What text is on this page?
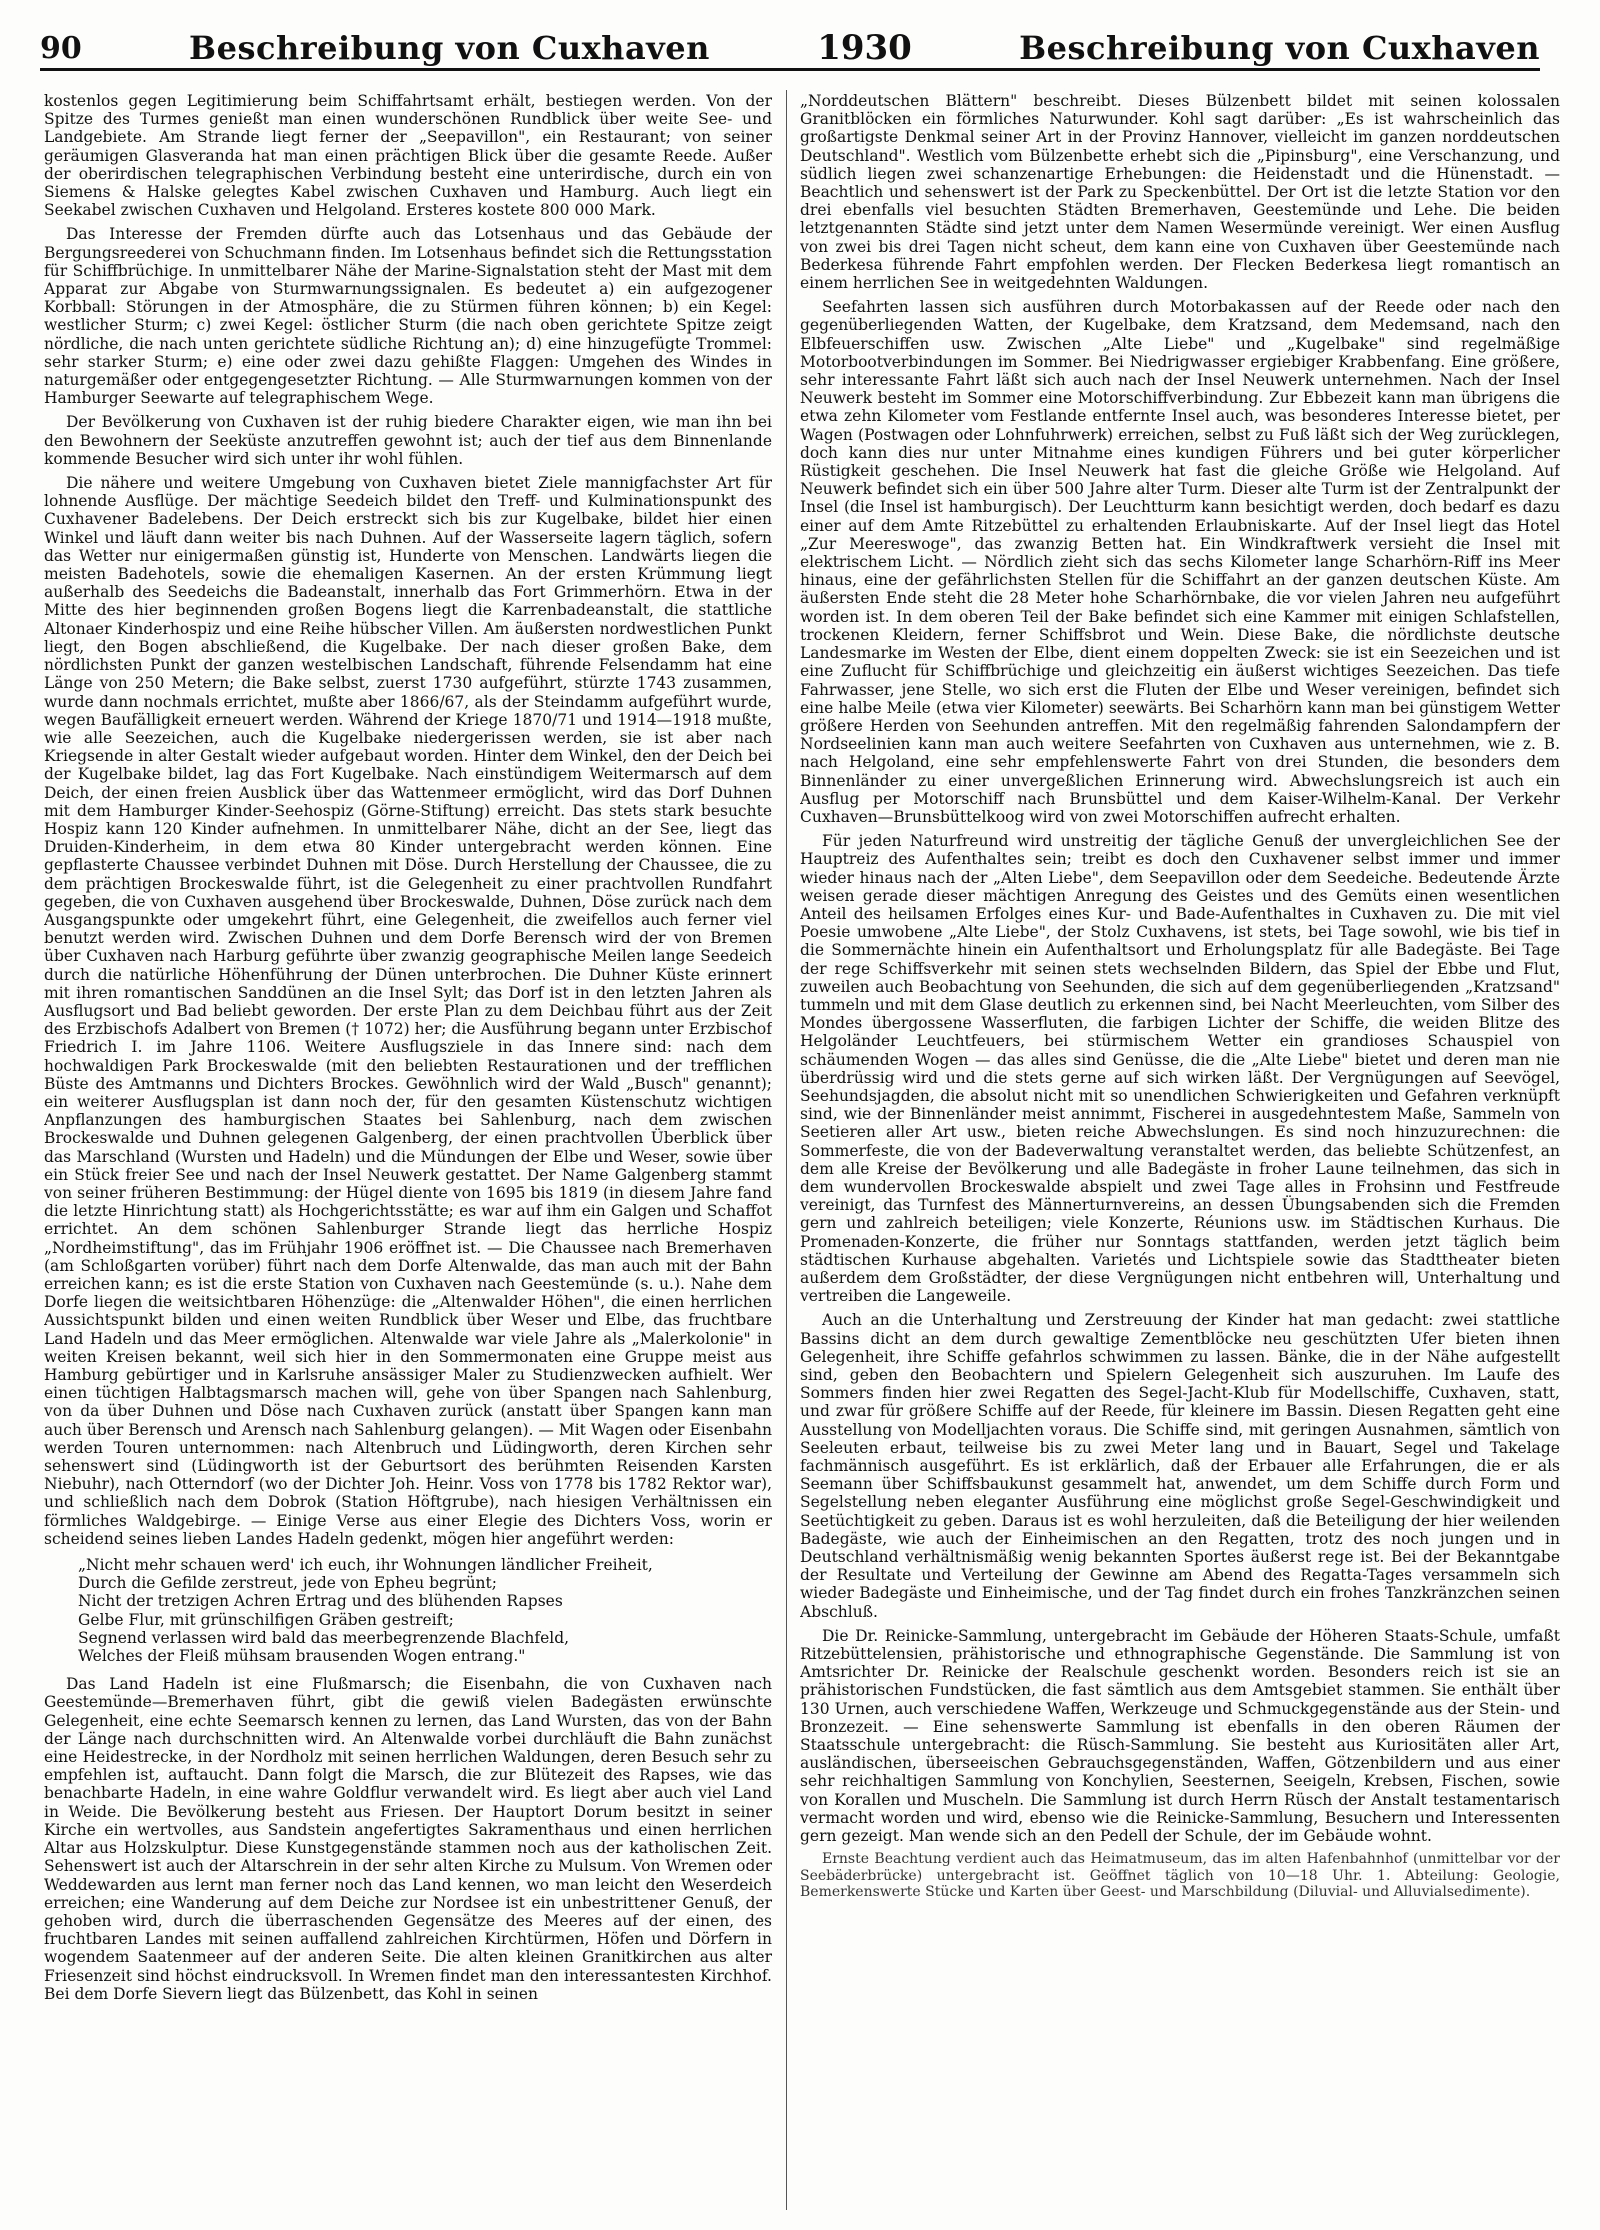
90	Beschreibung von Cuxhaven	1930	Beschreibung von Cuxhaven

kostenlos gegen Legitimierung beim Schiffahrtsamt erhält, bestiegen werden. Von der Spitze des Turmes genießt man einen wunderschönen Rundblick über weite See- und Landgebiete. Am Strande liegt ferner der „Seepavillon", ein Restaurant; von seiner geräumigen Glasveranda hat man einen prächtigen Blick über die gesamte Reede. Außer der oberirdischen telegraphischen Verbindung besteht eine unterirdische, durch ein von Siemens & Halske gelegtes Kabel zwischen Cuxhaven und Hamburg. Auch liegt ein Seekabel zwischen Cuxhaven und Helgoland. Ersteres kostete 800 000 Mark.

Das Interesse der Fremden dürfte auch das Lotsenhaus und das Gebäude der Bergungsreederei von Schuchmann finden. Im Lotsenhaus befindet sich die Rettungsstation für Schiffbrüchige. In unmittelbarer Nähe der Marine-Signalstation steht der Mast mit dem Apparat zur Abgabe von Sturmwarnungssignalen. Es bedeutet a) ein aufgezogener Korbball: Störungen in der Atmosphäre, die zu Stürmen führen können; b) ein Kegel: westlicher Sturm; c) zwei Kegel: östlicher Sturm (die nach oben gerichtete Spitze zeigt nördliche, die nach unten gerichtete südliche Richtung an); d) eine hinzugefügte Trommel: sehr starker Sturm; e) eine oder zwei dazu gehißte Flaggen: Umgehen des Windes in naturgemäßer oder entgegengesetzter Richtung. — Alle Sturmwarnungen kommen von der Hamburger Seewarte auf telegraphischem Wege.

Der Bevölkerung von Cuxhaven ist der ruhig biedere Charakter eigen, wie man ihn bei den Bewohnern der Seeküste anzutreffen gewohnt ist; auch der tief aus dem Binnenlande kommende Besucher wird sich unter ihr wohl fühlen.

Die nähere und weitere Umgebung von Cuxhaven bietet Ziele mannigfachster Art für lohnende Ausflüge. Der mächtige Seedeich bildet den Treff- und Kulminationspunkt des Cuxhavener Badelebens. Der Deich erstreckt sich bis zur Kugelbake, bildet hier einen Winkel und läuft dann weiter bis nach Duhnen. Auf der Wasserseite lagern täglich, sofern das Wetter nur einigermaßen günstig ist, Hunderte von Menschen. Landwärts liegen die meisten Badehotels, sowie die ehemaligen Kasernen. An der ersten Krümmung liegt außerhalb des Seedeichs die Badeanstalt, innerhalb das Fort Grimmerhörn. Etwa in der Mitte des hier beginnenden großen Bogens liegt die Karrenbadeanstalt, die stattliche Altonaer Kinderhospiz und eine Reihe hübscher Villen. Am äußersten nordwestlichen Punkt liegt, den Bogen abschließend, die Kugelbake. Der nach dieser großen Bake, dem nördlichsten Punkt der ganzen westelbischen Landschaft, führende Felsendamm hat eine Länge von 250 Metern; die Bake selbst, zuerst 1730 aufgeführt, stürzte 1743 zusammen, wurde dann nochmals errichtet, mußte aber 1866/67, als der Steindamm aufgeführt wurde, wegen Baufälligkeit erneuert werden. Während der Kriege 1870/71 und 1914—1918 mußte, wie alle Seezeichen, auch die Kugelbake niedergerissen werden, sie ist aber nach Kriegsende in alter Gestalt wieder aufgebaut worden. Hinter dem Winkel, den der Deich bei der Kugelbake bildet, lag das Fort Kugelbake. Nach einstündigem Weitermarsch auf dem Deich, der einen freien Ausblick über das Wattenmeer ermöglicht, wird das Dorf Duhnen mit dem Hamburger Kinder-Seehospiz (Görne-Stiftung) erreicht. Das stets stark besuchte Hospiz kann 120 Kinder aufnehmen. In unmittelbarer Nähe, dicht an der See, liegt das Druiden-Kinderheim, in dem etwa 80 Kinder untergebracht werden können. Eine gepflasterte Chaussee verbindet Duhnen mit Döse. Durch Herstellung der Chaussee, die zu dem prächtigen Brockeswalde führt, ist die Gelegenheit zu einer prachtvollen Rundfahrt gegeben, die von Cuxhaven ausgehend über Brockeswalde, Duhnen, Döse zurück nach dem Ausgangspunkte oder umgekehrt führt, eine Gelegenheit, die zweifellos auch ferner viel benutzt werden wird. Zwischen Duhnen und dem Dorfe Berensch wird der von Bremen über Cuxhaven nach Harburg geführte über zwanzig geographische Meilen lange Seedeich durch die natürliche Höhenführung der Dünen unterbrochen. Die Duhner Küste erinnert mit ihren romantischen Sanddünen an die Insel Sylt; das Dorf ist in den letzten Jahren als Ausflugsort und Bad beliebt geworden. Der erste Plan zu dem Deichbau führt aus der Zeit des Erzbischofs Adalbert von Bremen († 1072) her; die Ausführung begann unter Erzbischof Friedrich I. im Jahre 1106. Weitere Ausflugsziele in das Innere sind: nach dem hochwaldigen Park Brockeswalde (mit den beliebten Restaurationen und der trefflichen Büste des Amtmanns und Dichters Brockes. Gewöhnlich wird der Wald „Busch" genannt); ein weiterer Ausflugsplan ist dann noch der, für den gesamten Küstenschutz wichtigen Anpflanzungen des hamburgischen Staates bei Sahlenburg, nach dem zwischen Brockeswalde und Duhnen gelegenen Galgenberg, der einen prachtvollen Überblick über das Marschland (Wursten und Hadeln) und die Mündungen der Elbe und Weser, sowie über ein Stück freier See und nach der Insel Neuwerk gestattet. Der Name Galgenberg stammt von seiner früheren Bestimmung: der Hügel diente von 1695 bis 1819 (in diesem Jahre fand die letzte Hinrichtung statt) als Hochgerichtsstätte; es war auf ihm ein Galgen und Schaffot errichtet. An dem schönen Sahlenburger Strande liegt das herrliche Hospiz „Nordheimstiftung", das im Frühjahr 1906 eröffnet ist. — Die Chaussee nach Bremerhaven (am Schloßgarten vorüber) führt nach dem Dorfe Altenwalde, das man auch mit der Bahn erreichen kann; es ist die erste Station von Cuxhaven nach Geestemünde (s. u.). Nahe dem Dorfe liegen die weitsichtbaren Höhenzüge: die „Altenwalder Höhen", die einen herrlichen Aussichtspunkt bilden und einen weiten Rundblick über Weser und Elbe, das fruchtbare Land Hadeln und das Meer ermöglichen. Altenwalde war viele Jahre als „Malerkolonie" in weiten Kreisen bekannt, weil sich hier in den Sommermonaten eine Gruppe meist aus Hamburg gebürtiger und in Karlsruhe ansässiger Maler zu Studienzwecken aufhielt. Wer einen tüchtigen Halbtagsmarsch machen will, gehe von über Spangen nach Sahlenburg, von da über Duhnen und Döse nach Cuxhaven zurück (anstatt über Spangen kann man auch über Berensch und Arensch nach Sahlenburg gelangen). — Mit Wagen oder Eisenbahn werden Touren unternommen: nach Altenbruch und Lüdingworth, deren Kirchen sehr sehenswert sind (Lüdingworth ist der Geburtsort des berühmten Reisenden Karsten Niebuhr), nach Otterndorf (wo der Dichter Joh. Heinr. Voss von 1778 bis 1782 Rektor war), und schließlich nach dem Dobrok (Station Höftgrube), nach hiesigen Verhältnissen ein förmliches Waldgebirge. — Einige Verse aus einer Elegie des Dichters Voss, worin er scheidend seines lieben Landes Hadeln gedenkt, mögen hier angeführt werden:

„Nicht mehr schauen werd' ich euch, ihr Wohnungen ländlicher Freiheit,
Durch die Gefilde zerstreut, jede von Epheu begrünt;
Nicht der tretzigen Achren Ertrag und des blühenden Rapses
Gelbe Flur, mit grünschilfigen Gräben gestreift;
Segnend verlassen wird bald das meerbegrenzende Blachfeld,
Welches der Fleiß mühsam brausenden Wogen entrang."

Das Land Hadeln ist eine Flußmarsch; die Eisenbahn, die von Cuxhaven nach Geestemünde—Bremerhaven führt, gibt die gewiß vielen Badegästen erwünschte Gelegenheit, eine echte Seemarsch kennen zu lernen, das Land Wursten, das von der Bahn der Länge nach durchschnitten wird. An Altenwalde vorbei durchläuft die Bahn zunächst eine Heidestrecke, in der Nordholz mit seinen herrlichen Waldungen, deren Besuch sehr zu empfehlen ist, auftaucht. Dann folgt die Marsch, die zur Blütezeit des Rapses, wie das benachbarte Hadeln, in eine wahre Goldflur verwandelt wird. Es liegt aber auch viel Land in Weide. Die Bevölkerung besteht aus Friesen. Der Hauptort Dorum besitzt in seiner Kirche ein wertvolles, aus Sandstein angefertigtes Sakramenthaus und einen herrlichen Altar aus Holzskulptur. Diese Kunstgegenstände stammen noch aus der katholischen Zeit. Sehenswert ist auch der Altarschrein in der sehr alten Kirche zu Mulsum. Von Wremen oder Weddewarden aus lernt man ferner noch das Land kennen, wo man leicht den Weserdeich erreichen; eine Wanderung auf dem Deiche zur Nordsee ist ein unbestrittener Genuß, der gehoben wird, durch die überraschenden Gegensätze des Meeres auf der einen, des fruchtbaren Landes mit seinen auffallend zahlreichen Kirchtürmen, Höfen und Dörfern in wogendem Saatenmeer auf der anderen Seite. Die alten kleinen Granitkirchen aus alter Friesenzeit sind höchst eindrucksvoll. In Wremen findet man den interessantesten Kirchhof. Bei dem Dorfe Sievern liegt das Bülzenbett, das Kohl in seinen

„Norddeutschen Blättern" beschreibt. Dieses Bülzenbett bildet mit seinen kolossalen Granitblöcken ein förmliches Naturwunder. Kohl sagt darüber: „Es ist wahrscheinlich das großartigste Denkmal seiner Art in der Provinz Hannover, vielleicht im ganzen norddeutschen Deutschland". Westlich vom Bülzenbette erhebt sich die „Pipinsburg", eine Verschanzung, und südlich liegen zwei schanzenartige Erhebungen: die Heidenstadt und die Hünenstadt. — Beachtlich und sehenswert ist der Park zu Speckenbüttel. Der Ort ist die letzte Station vor den drei ebenfalls viel besuchten Städten Bremerhaven, Geestemünde und Lehe. Die beiden letztgenannten Städte sind jetzt unter dem Namen Wesermünde vereinigt. Wer einen Ausflug von zwei bis drei Tagen nicht scheut, dem kann eine von Cuxhaven über Geestemünde nach Bederkesa führende Fahrt empfohlen werden. Der Flecken Bederkesa liegt romantisch an einem herrlichen See in weitgedehnten Waldungen.

Seefahrten lassen sich ausführen durch Motorbakassen auf der Reede oder nach den gegenüberliegenden Watten, der Kugelbake, dem Kratzsand, dem Medemsand, nach den Elbfeuerschiffen usw. Zwischen „Alte Liebe" und „Kugelbake" sind regelmäßige Motorbootverbindungen im Sommer. Bei Niedrigwasser ergiebiger Krabbenfang. Eine größere, sehr interessante Fahrt läßt sich auch nach der Insel Neuwerk unternehmen. Nach der Insel Neuwerk besteht im Sommer eine Motorschiffverbindung. Zur Ebbezeit kann man übrigens die etwa zehn Kilometer vom Festlande entfernte Insel auch, was besonderes Interesse bietet, per Wagen (Postwagen oder Lohnfuhrwerk) erreichen, selbst zu Fuß läßt sich der Weg zurücklegen, doch kann dies nur unter Mitnahme eines kundigen Führers und bei guter körperlicher Rüstigkeit geschehen. Die Insel Neuwerk hat fast die gleiche Größe wie Helgoland. Auf Neuwerk befindet sich ein über 500 Jahre alter Turm. Dieser alte Turm ist der Zentralpunkt der Insel (die Insel ist hamburgisch). Der Leuchtturm kann besichtigt werden, doch bedarf es dazu einer auf dem Amte Ritzebüttel zu erhaltenden Erlaubniskarte. Auf der Insel liegt das Hotel „Zur Meereswoge", das zwanzig Betten hat. Ein Windkraftwerk versieht die Insel mit elektrischem Licht. — Nördlich zieht sich das sechs Kilometer lange Scharhörn-Riff ins Meer hinaus, eine der gefährlichsten Stellen für die Schiffahrt an der ganzen deutschen Küste. Am äußersten Ende steht die 28 Meter hohe Scharhörnbake, die vor vielen Jahren neu aufgeführt worden ist. In dem oberen Teil der Bake befindet sich eine Kammer mit einigen Schlafstellen, trockenen Kleidern, ferner Schiffsbrot und Wein. Diese Bake, die nördlichste deutsche Landesmarke im Westen der Elbe, dient einem doppelten Zweck: sie ist ein Seezeichen und ist eine Zuflucht für Schiffbrüchige und gleichzeitig ein äußerst wichtiges Seezeichen. Das tiefe Fahrwasser, jene Stelle, wo sich erst die Fluten der Elbe und Weser vereinigen, befindet sich eine halbe Meile (etwa vier Kilometer) seewärts. Bei Scharhörn kann man bei günstigem Wetter größere Herden von Seehunden antreffen. Mit den regelmäßig fahrenden Salondampfern der Nordseelinien kann man auch weitere Seefahrten von Cuxhaven aus unternehmen, wie z. B. nach Helgoland, eine sehr empfehlenswerte Fahrt von drei Stunden, die besonders dem Binnenländer zu einer unvergeßlichen Erinnerung wird. Abwechslungsreich ist auch ein Ausflug per Motorschiff nach Brunsbüttel und dem Kaiser-Wilhelm-Kanal. Der Verkehr Cuxhaven—Brunsbüttelkoog wird von zwei Motorschiffen aufrecht erhalten.

Für jeden Naturfreund wird unstreitig der tägliche Genuß der unvergleichlichen See der Hauptreiz des Aufenthaltes sein; treibt es doch den Cuxhavener selbst immer und immer wieder hinaus nach der „Alten Liebe", dem Seepavillon oder dem Seedeiche. Bedeutende Ärzte weisen gerade dieser mächtigen Anregung des Geistes und des Gemüts einen wesentlichen Anteil des heilsamen Erfolges eines Kur- und Bade-Aufenthaltes in Cuxhaven zu. Die mit viel Poesie umwobene „Alte Liebe", der Stolz Cuxhavens, ist stets, bei Tage sowohl, wie bis tief in die Sommernächte hinein ein Aufenthaltsort und Erholungsplatz für alle Badegäste. Bei Tage der rege Schiffsverkehr mit seinen stets wechselnden Bildern, das Spiel der Ebbe und Flut, zuweilen auch Beobachtung von Seehunden, die sich auf dem gegenüberliegenden „Kratzsand" tummeln und mit dem Glase deutlich zu erkennen sind, bei Nacht Meerleuchten, vom Silber des Mondes übergossene Wasserfluten, die farbigen Lichter der Schiffe, die weiden Blitze des Helgoländer Leuchtfeuers, bei stürmischem Wetter ein grandioses Schauspiel von schäumenden Wogen — das alles sind Genüsse, die die „Alte Liebe" bietet und deren man nie überdrüssig wird und die stets gerne auf sich wirken läßt. Der Vergnügungen auf Seevögel, Seehundsjagden, die absolut nicht mit so unendlichen Schwierigkeiten und Gefahren verknüpft sind, wie der Binnenländer meist annimmt, Fischerei in ausgedehntestem Maße, Sammeln von Seetieren aller Art usw., bieten reiche Abwechslungen. Es sind noch hinzuzurechnen: die Sommerfeste, die von der Badeverwaltung veranstaltet werden, das beliebte Schützenfest, an dem alle Kreise der Bevölkerung und alle Badegäste in froher Laune teilnehmen, das sich in dem wundervollen Brockeswalde abspielt und zwei Tage alles in Frohsinn und Festfreude vereinigt, das Turnfest des Männerturnvereins, an dessen Übungsabenden sich die Fremden gern und zahlreich beteiligen; viele Konzerte, Réunions usw. im Städtischen Kurhaus. Die Promenaden-Konzerte, die früher nur Sonntags stattfanden, werden jetzt täglich beim städtischen Kurhause abgehalten. Varietés und Lichtspiele sowie das Stadttheater bieten außerdem dem Großstädter, der diese Vergnügungen nicht entbehren will, Unterhaltung und vertreiben die Langeweile.

Auch an die Unterhaltung und Zerstreuung der Kinder hat man gedacht: zwei stattliche Bassins dicht an dem durch gewaltige Zementblöcke neu geschützten Ufer bieten ihnen Gelegenheit, ihre Schiffe gefahrlos schwimmen zu lassen. Bänke, die in der Nähe aufgestellt sind, geben den Beobachtern und Spielern Gelegenheit sich auszuruhen. Im Laufe des Sommers finden hier zwei Regatten des Segel-Jacht-Klub für Modellschiffe, Cuxhaven, statt, und zwar für größere Schiffe auf der Reede, für kleinere im Bassin. Diesen Regatten geht eine Ausstellung von Modelljachten voraus. Die Schiffe sind, mit geringen Ausnahmen, sämtlich von Seeleuten erbaut, teilweise bis zu zwei Meter lang und in Bauart, Segel und Takelage fachmännisch ausgeführt. Es ist erklärlich, daß der Erbauer alle Erfahrungen, die er als Seemann über Schiffsbaukunst gesammelt hat, anwendet, um dem Schiffe durch Form und Segelstellung neben eleganter Ausführung eine möglichst große Segel-Geschwindigkeit und Seetüchtigkeit zu geben. Daraus ist es wohl herzuleiten, daß die Beteiligung der hier weilenden Badegäste, wie auch der Einheimischen an den Regatten, trotz des noch jungen und in Deutschland verhältnismäßig wenig bekannten Sportes äußerst rege ist. Bei der Bekanntgabe der Resultate und Verteilung der Gewinne am Abend des Regatta-Tages versammeln sich wieder Badegäste und Einheimische, und der Tag findet durch ein frohes Tanzkränzchen seinen Abschluß.

Die Dr. Reinicke-Sammlung, untergebracht im Gebäude der Höheren Staats-Schule, umfaßt Ritzebüttelensien, prähistorische und ethnographische Gegenstände. Die Sammlung ist von Amtsrichter Dr. Reinicke der Realschule geschenkt worden. Besonders reich ist sie an prähistorischen Fundstücken, die fast sämtlich aus dem Amtsgebiet stammen. Sie enthält über 130 Urnen, auch verschiedene Waffen, Werkzeuge und Schmuckgegenstände aus der Stein- und Bronzezeit. — Eine sehenswerte Sammlung ist ebenfalls in den oberen Räumen der Staatsschule untergebracht: die Rüsch-Sammlung. Sie besteht aus Kuriositäten aller Art, ausländischen, überseeischen Gebrauchsgegenständen, Waffen, Götzenbildern und aus einer sehr reichhaltigen Sammlung von Konchylien, Seesternen, Seeigeln, Krebsen, Fischen, sowie von Korallen und Muscheln. Die Sammlung ist durch Herrn Rüsch der Anstalt testamentarisch vermacht worden und wird, ebenso wie die Reinicke-Sammlung, Besuchern und Interessenten gern gezeigt. Man wende sich an den Pedell der Schule, der im Gebäude wohnt.

Ernste Beachtung verdient auch das Heimatmuseum, das im alten Hafenbahnhof (unmittelbar vor der Seebäderbrücke) untergebracht ist. Geöffnet täglich von 10—18 Uhr. 1. Abteilung: Geologie, Bemerkenswerte Stücke und Karten über Geest- und Marschbildung (Diluvial- und Alluvialsedimente).
